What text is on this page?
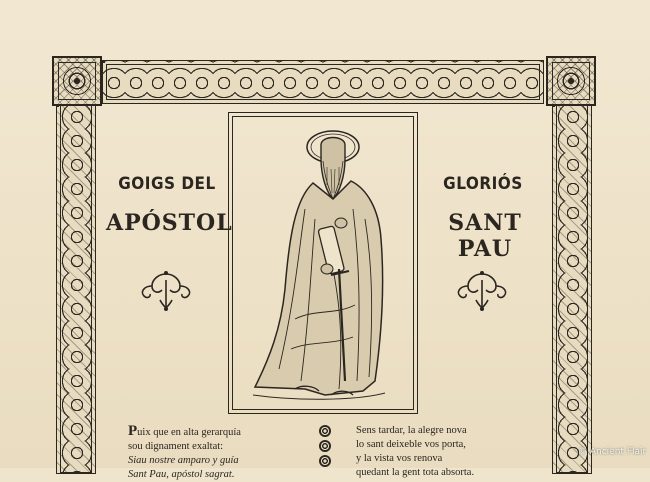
GOIGS DEL
APÓSTOL
GLORIÓS
SANT PAU
Puix que en alta gerarquía
sou dignament exaltat:
Siau nostre amparo y guía
Sant Pau, apóstol sagrat.
Sens tardar, la alegre nova
lo sant deixeble vos porta,
y la vista vos renova
quedant la gent tota absorta.
© Ancient Flair
